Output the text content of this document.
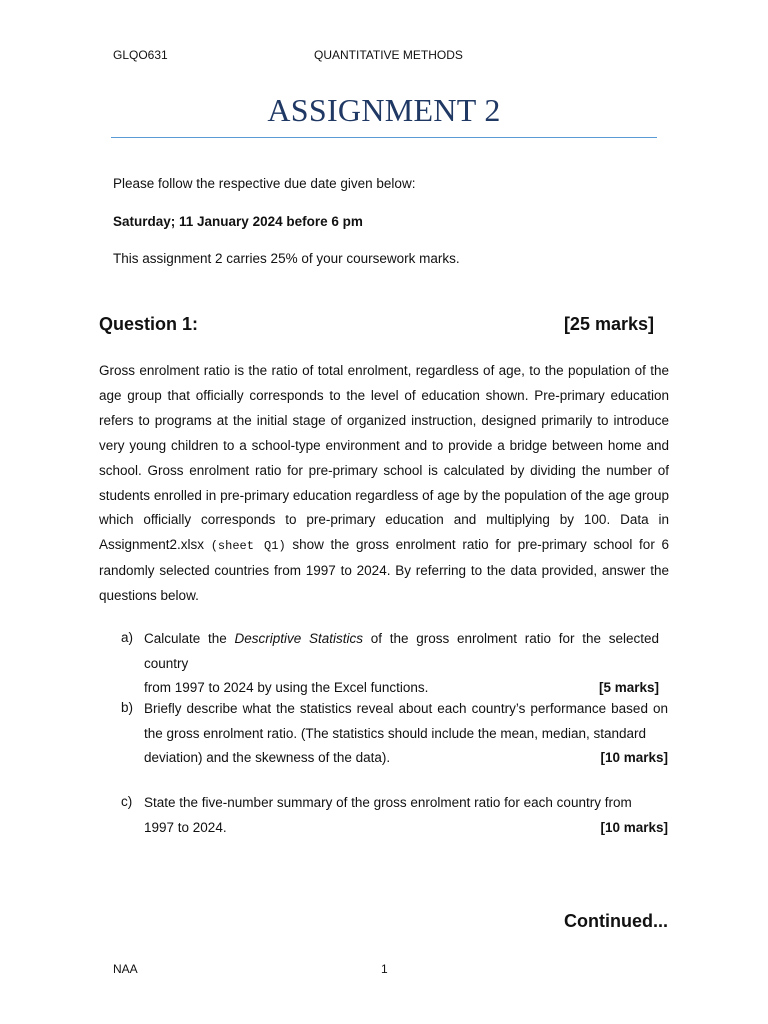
GLQO631	QUANTITATIVE METHODS
ASSIGNMENT 2
Please follow the respective due date given below:
Saturday; 11 January 2024 before 6 pm
This assignment 2 carries 25% of your coursework marks.
Question 1:	[25 marks]

Gross enrolment ratio is the ratio of total enrolment, regardless of age, to the population of the age group that officially corresponds to the level of education shown. Pre-primary education refers to programs at the initial stage of organized instruction, designed primarily to introduce very young children to a school-type environment and to provide a bridge between home and school. Gross enrolment ratio for pre-primary school is calculated by dividing the number of students enrolled in pre-primary education regardless of age by the population of the age group which officially corresponds to pre-primary education and multiplying by 100. Data in Assignment2.xlsx (sheet Q1) show the gross enrolment ratio for pre-primary school for 6 randomly selected countries from 1997 to 2024. By referring to the data provided, answer the questions below.

a) Calculate the Descriptive Statistics of the gross enrolment ratio for the selected country
from 1997 to 2024 by using the Excel functions.	[5 marks]

b) Briefly describe what the statistics reveal about each country’s performance based on the gross enrolment ratio. (The statistics should include the mean, median, standard
deviation) and the skewness of the data).	[10 marks]

c) State the five-number summary of the gross enrolment ratio for each country from
1997 to 2024.	[10 marks]

Continued...
NAA	1
